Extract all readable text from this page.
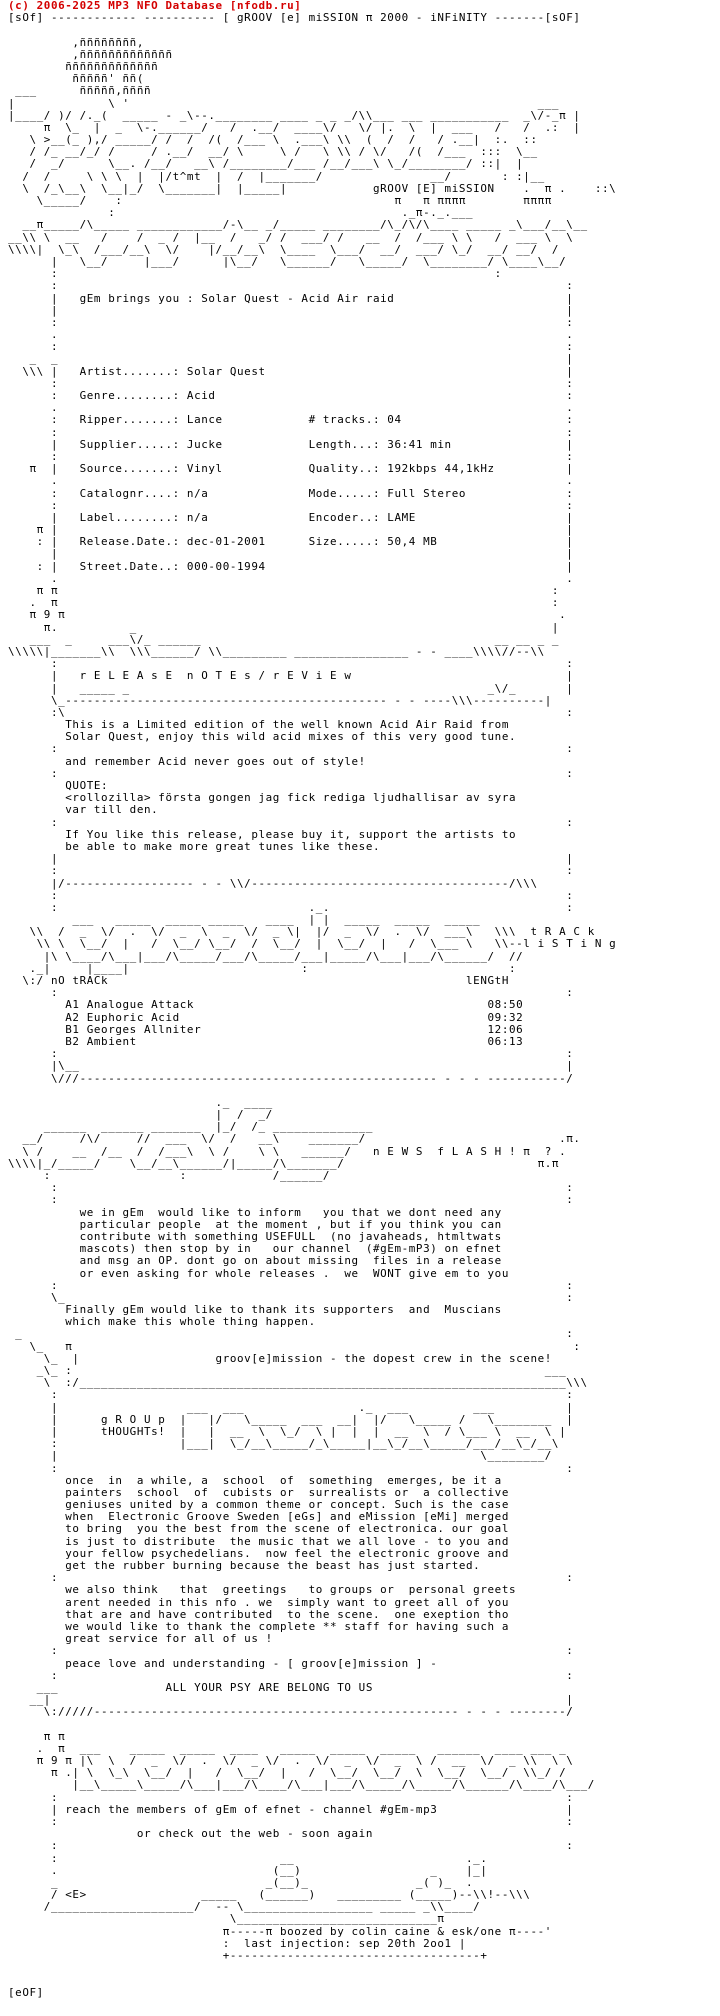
(c) 2006-2025 MP3 NFO Database [nfodb.ru]
[sOf] ------------ ---------- [ gROOV [e] miSSION π 2000 - iNFiNITY -------[sOF]
,ññññññññ,
,ñññññññññññññ
ñññññññññññññ
ñññññ' ññ(
___      ñññññ,ññññ
|             \ '                                                         ___
|____/ )/ /._(  _____ - _\--.________ ____ _ _ _/\\___ ___ ___________  _\/-_π |
π  \_  |  _  \-.______/   /  .__/  ____\/   \/ |.  \  |  ___   /   /  .:  |
\ >__(_ ),/ _____/ /  /  /(  /___ \  .___\ \\  (  /  /   / .__|  :.  ::
/ /_ __/_/ /     / .__/  __/ \     \ /   \ \\ / \/   /(  /___  :::  \__
/  _/      \__. /__/   __\ /________/___ /__/___\ \_/________/ ::|  |
/  /     \ \ \  |  |/t^mt  |  /  |_______/               __/       : :|__
\  /_\__\  \__|_/  \_______|  |_____|            gROOV [E] miSSION    .  π .    ::\
\_____/    :                                      π   π ππππ        ππππ
:                                        ._π-._.___
__π_____/\_____ ____________/-\__ _/_____ ________/\_/\/\____ _____ _\___/__\__
__\\ \  __   /    /  _ /  |__  /   _/ /  ___/ /   __  /  /___ \ \   /  ___ \  \
\\\\|  \_\  /___/__\  \/    |/__/__\  \____  \___/  __/  ___/ \_/  __/ __/  /
|   \__/     |___/      |\__/   \______/   \_____/  \________/ \____\__/
:                                                             :
:                                                                       :
|   gEm brings you : Solar Quest - Acid Air raid                        |
|                                                                       |
:                                                                       :
.                                                                       .
:                                                                       :
_  _                                                                       |
\\\ |   Artist.......: Solar Quest                                          |
:                                                                       :
:   Genre........: Acid                                                 :
.                                                                       .
:   Ripper.......: Lance            # tracks.: 04                       :
:                                                                       :
|   Supplier.....: Jucke            Length...: 36:41 min                |
:                                                                       :
π  |   Source.......: Vinyl            Quality..: 192kbps 44,1kHz          |
.                                                                       .
:   Catalognr....: n/a              Mode.....: Full Stereo              :
:                                                                       :
|   Label........: n/a              Encoder..: LAME                     |
π |                                                                       |
: |   Release.Date.: dec-01-2001      Size.....: 50,4 MB                  |
|                                                                       |
: |   Street.Date..: 000-00-1994                                          |
.                                                                       .
π π                                                                     :
.  π                                                                     :
π 9 π                                                                     .
π.          _                                                          |
___  _     ___\/_ ______                                         __ __ _ _
\\\\\|_______\\  \\\______/ \\_________ ________________ - - ____\\\\//--\\
:                                                                       :
|   r E L E A s E  n O T E s / r E V i E w                              |
|   _____ _                                                  _\/_       |
\_--------------------------------------------- - - ----\\\----------|
:\                                                                      :
This is a Limited edition of the well known Acid Air Raid from
Solar Quest, enjoy this wild acid mixes of this very good tune.
:                                                                       :
and remember Acid never goes out of style!
:                                                                       :
QUOTE:
<rollozilla> första gongen jag fick rediga ljudhallisar av syra
var till den.
:                                                                       :
If You like this release, please buy it, support the artists to
be able to make more great tunes like these.
|                                                                       |
:                                                                       :
|/------------------ - - \\/------------------------------------/\\\
:                                                                       :
:                                   ._.                                 :
___   _____  _____ _____   ____  | |  _____  _____  _____
\\  /  _  \/  .  \/  _  \  _  \/  _ \|  |/  _  \/  .  \/  ___\   \\\  t R A C k
\\ \  \__/  |   /  \__/ \__/  /  \__/  |  \__/  |   /  \___ \   \\--l i S T i N g
|\ \____/\___|___/\_____/___/\_____/___|_____/\___|___/\______/  //
._|     |____|                        :                            :
\:/ nO tRACk                                                  lENGtH
:                                                                       :
A1 Analogue Attack                                         08:50
A2 Euphoric Acid                                           09:32
B1 Georges Allniter                                        12:06
B2 Ambient                                                 06:13
:                                                                       :
|\__                                                                    |
\///-------------------------------------------------- - - - -----------/
._  ____
|  /  _/
______  ______ _______  |_/  /_ ______________
__/     /\/     //  ___  \/  /   __\    _______/                           .π.
\ /    __  /__  /  /___\  \ /    \ \   ______/   n E W S  f L A S H ! π  ? .
\\\\|_/_____/    \__/__\______/|_____/\_______/                           π.π
:                  :            /______/
:                                                                       :
:                                                                       :
we in gEm  would like to inform   you that we dont need any
particular people  at the moment , but if you think you can
contribute with something USEFULL  (no javaheads, htmltwats
mascots) then stop by in   our channel  (#gEm-mP3) on efnet
and msg an OP. dont go on about missing  files in a release
or even asking for whole releases .  we  WONT give em to you
:                                                                       :
\_                                                                      :
Finally gEm would like to thank its supporters  and  Muscians
which make this whole thing happen.
_                                                                            :
\_   π                                                                      :
\_  |                   groov[e]mission - the dopest crew in the scene!
_\_ :                                                                  ___
\  :/____________________________________________________________________\\\
:                                                                       :
|                  ___  ___                ._  ___         ___          |
|      g R O U p  |   |/   \_____  ___  __|  |/   \_____ /   \________  |
|      tHOUGHTs!  |   |  __  \  \_/  \ |  |  |  __  \  / \___ \  __  \ |
:                 |___|  \_/__\_____/_\_____|__\_/__\_____/___/__\_/__\
|                                                           \________/
:                                                                       :
once  in  a while, a  school  of  something  emerges, be it a
painters  school  of  cubists or  surrealists or  a collective
geniuses united by a common theme or concept. Such is the case
when  Electronic Groove Sweden [eGs] and eMission [eMi] merged
to bring  you the best from the scene of electronica. our goal
is just to distribute  the music that we all love - to you and
your fellow psychedelians.  now feel the electronic groove and
get the rubber burning because the beast has just started.
:                                                                       :
we also think   that  greetings   to groups or  personal greets
arent needed in this nfo . we  simply want to greet all of you
that are and have contributed  to the scene.  one exeption tho
we would like to thank the complete ** staff for having such a
great service for all of us !
:                                                                       :
peace love and understanding - [ groov[e]mission ] -
:                                                                       :
___               ALL YOUR PSY ARE BELONG TO US
__|                                                                        |
\://///--------------------------------------------------- - - - --------/
π π
.  π  ___    _____  _____  ____   _____  _____  _____   ______  ____ ___ _
π 9 π |\  \  /  _  \/  .  \/  _ \/  .  \/  _  \/  _  \ /  __  \/  _ \\  \ \
π .| \  \_\  \__/  |   /  \__/  |   /  \__/  \__/  \  \__/  \__/  \\_/ /
|__\_____\_____/\___|___/\____/\___|___/\_____/\_____/\______/\____/\___/
:                                                                       :
| reach the members of gEm of efnet - channel #gEm-mp3                  |
:                                                                       :
or check out the web - soon again
:                                                                       :
:                               __                        ._.
.                              (__)                  _    |_|
_                             _(__)_               _( )_  .
/ <E>                _____   (______)   _________ (_____)--\\!--\\\
/____________________/  -- \__________________ _____ _\\____/
\____________________________π
π-----π boozed by colin caine & esk/one π----'
:  last injection: sep 20th 2oo1 |
+-----------------------------------+
[eOF]
